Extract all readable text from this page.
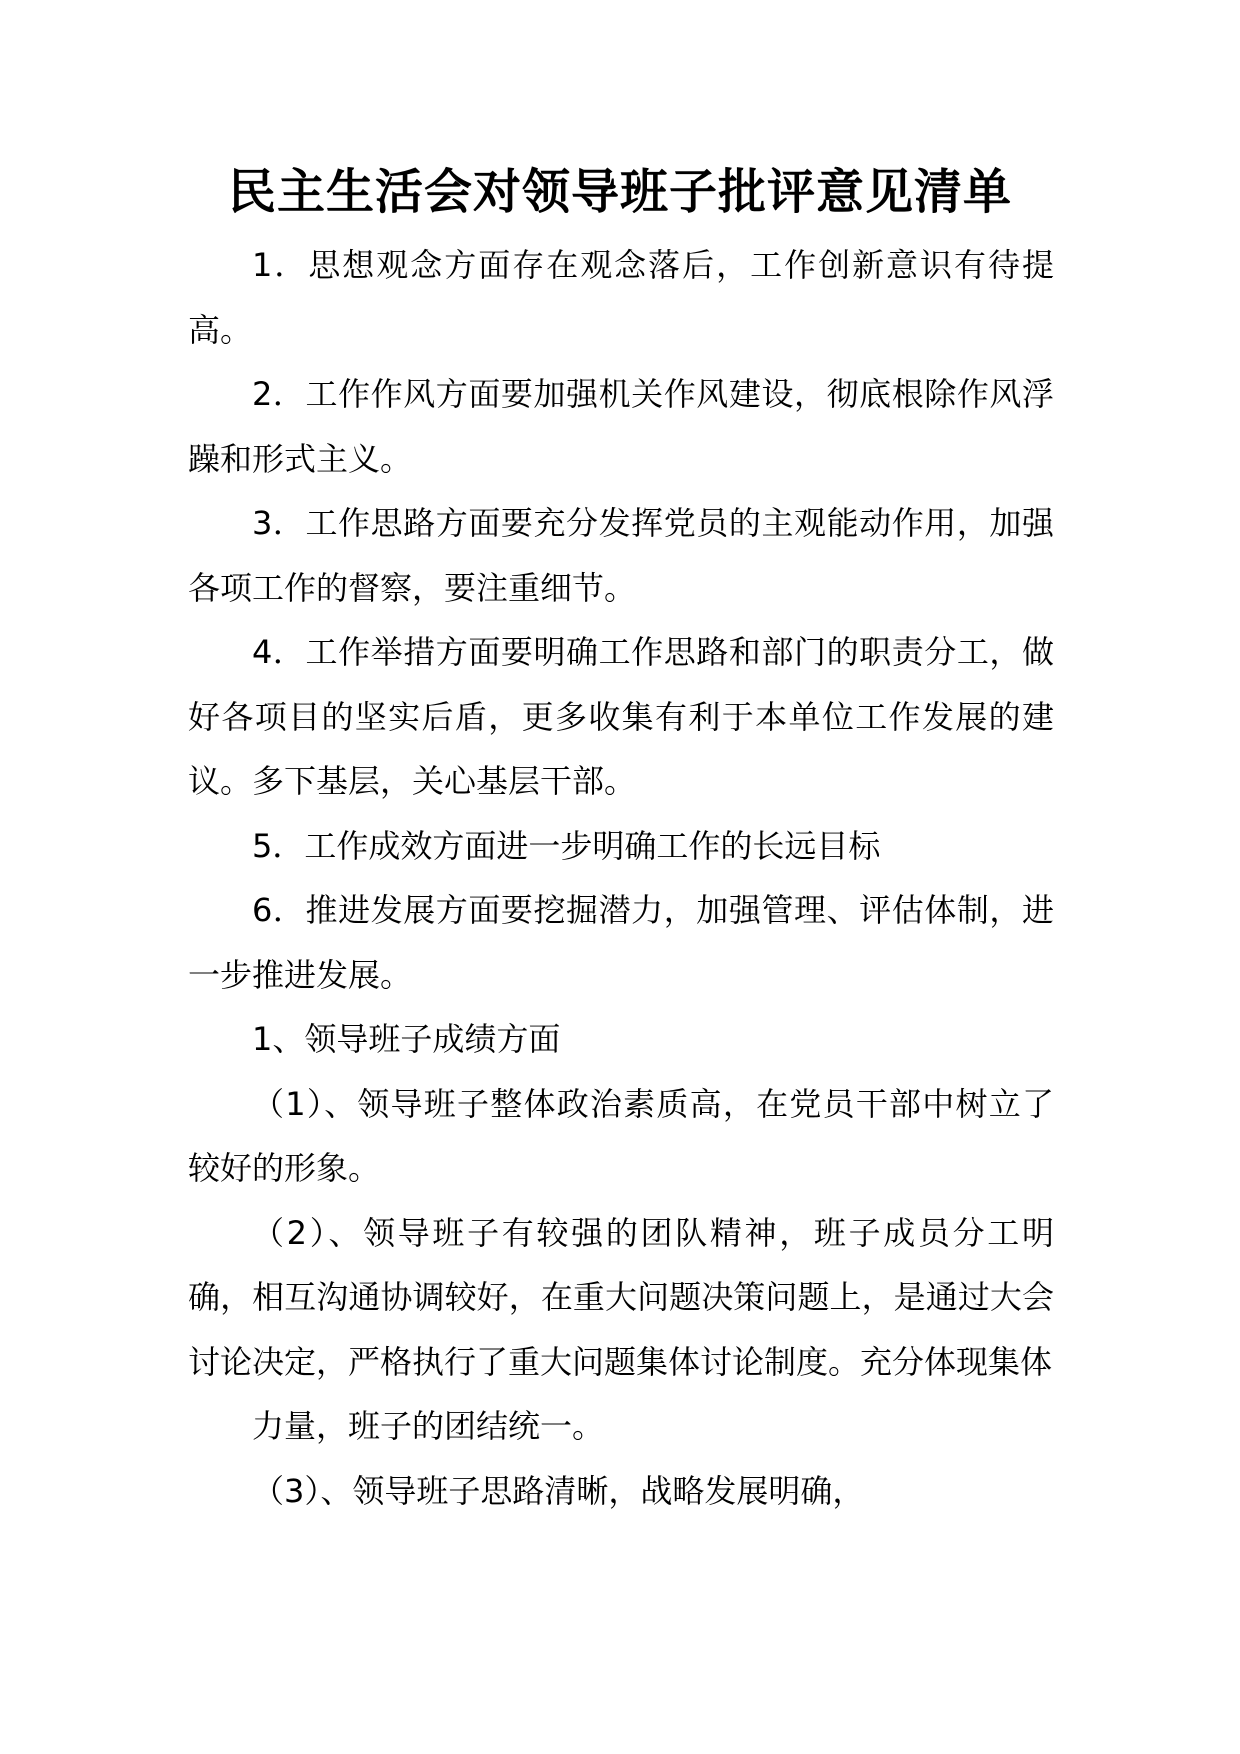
民主生活会对领导班子批评意见清单

1．思想观念方面存在观念落后，工作创新意识有待提高。

2．工作作风方面要加强机关作风建设，彻底根除作风浮躁和形式主义。

3．工作思路方面要充分发挥党员的主观能动作用，加强各项工作的督察，要注重细节。

4．工作举措方面要明确工作思路和部门的职责分工，做好各项目的坚实后盾，更多收集有利于本单位工作发展的建议。多下基层，关心基层干部。

5．工作成效方面进一步明确工作的长远目标

6．推进发展方面要挖掘潜力，加强管理、评估体制，进一步推进发展。

1、领导班子成绩方面

（1）、领导班子整体政治素质高，在党员干部中树立了较好的形象。

（2）、领导班子有较强的团队精神，班子成员分工明确，相互沟通协调较好，在重大问题决策问题上，是通过大会讨论决定，严格执行了重大问题集体讨论制度。充分体现集体

力量，班子的团结统一。

（3）、领导班子思路清晰，战略发展明确，
